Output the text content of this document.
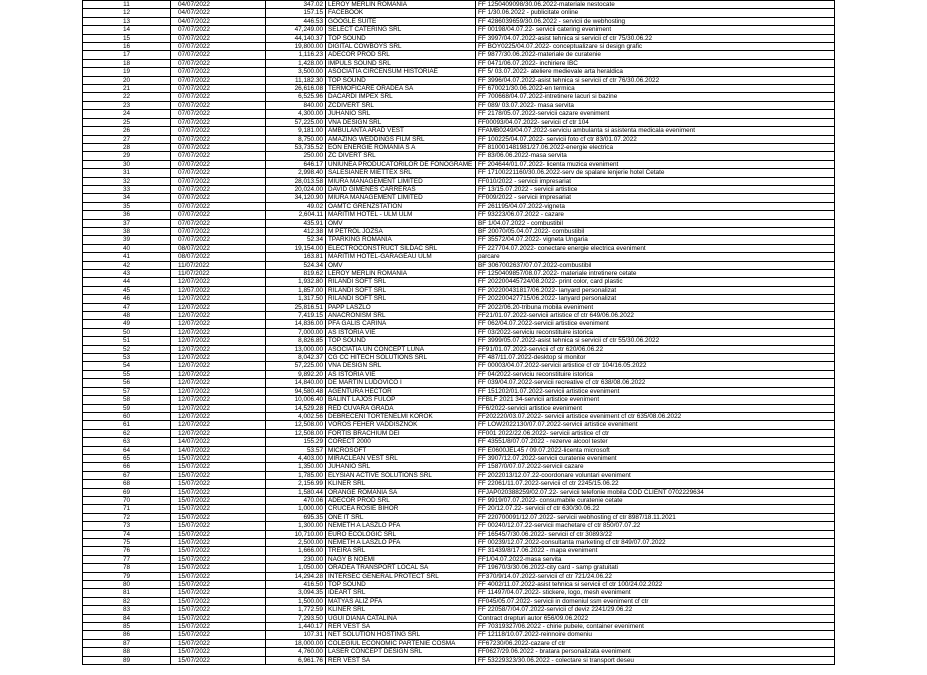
11	04/07/2022	347.02	LEROY MERLIN ROMANIA	FF 1250409098/30.06.2022-materiale nestocate
12	04/07/2022	157.15	FACEBOOK	FF 1/30.06.2022 - publicitate online
13	04/07/2022	446.53	GOOGLE SUITE	FF 4286039659/30.06.2022 - servicii de webhosting
14	07/07/2022	47,249.00	SELECT CATERING SRL	FF 00198/04.07.22- servicii catering eveniment
15	07/07/2022	44,140.37	TOP SOUND	FF 3997/04.07.2022-asist tehnica si servicii cf ctr 75/30.06.22
16	07/07/2022	19,800.00	DIGITAL COWBOYS SRL	FF BOY0225/04.07.2022- conceptualizare si design grafic
17	07/07/2022	1,116.23	ADECOR PROD SRL	FF 9877/30.06.2022-materiale de curatenie
18	07/07/2022	1,428.00	IMPULS SOUND SRL	FF 0471/06.07.2022- inchiriere IBC
19	07/07/2022	3,500.00	ASOCIATIA CIRCENSUM HISTORIAE	FF 5/ 03.07.2022- ateliere medievale arta heraldica
20	07/07/2022	11,182.30	TOP SOUND	FF 3996/04.07.2022-asist tehnica si servicii cf ctr 76/30.06.2022
21	07/07/2022	26,616.08	TERMOFICARE ORADEA SA	FF 670021/30.06.2022-en termica
22	07/07/2022	6,525.96	DACARDI IMPEX SRL	FF 700668/04.07.2022-intretinere lacuri si bazine
23	07/07/2022	840.00	ZCDIVERT SRL	FF 089/ 03.07.2022- masa servita
24	07/07/2022	4,300.00	JUHANIO SRL	FF 2178/05.07.2022-servicii cazare eveniment
25	07/07/2022	57,225.00	VNA DESIGN SRL	FF00093/04.07.2022- servicii cf ctr 104
26	07/07/2022	9,181.00	AMBULANTA ARAD VEST	FFAMB0249/04.07.2022-serviciu ambulanta si asistenta medicala eveniment
27	07/07/2022	8,750.00	AMAZING WEDDINGS FILM SRL	FF 100225/04.07.2022- servicii foto cf ctr 83/01.07.2022
28	07/07/2022	53,735.52	EON ENERGIE ROMANIA S A	FF 810001481981/27.06.2022-energie electrica
29	07/07/2022	250.00	ZC DIVERT SRL	FF 83/06.06.2022-masa servita
30	07/07/2022	646.17	UNIUNEA PRODUCATORILOR DE FONOGRAME	FF 204644/01.07.2022- licenta muzica eveniment
31	07/07/2022	2,998.40	SALESIANER MIETTEX SRL	FF 17100221160/30.06.2022-serv de spalare lenjerie hotel Cetate
32	07/07/2022	28,013.58	MIURA MANAGEMENT LIMITED	FF010/2022 - servicii impresariat
33	07/07/2022	20,024.00	DAVID GIMENES CARRERAS	FF 13/15.07.2022 - servicii artistice
34	07/07/2022	34,120.90	MIURA MANAGEMENT LIMITED	FF009/2022 - servicii impresariat
35	07/07/2022	49.02	OAMTC GRENZSTATION	FF 261195/04.07.2022-vigneta
36	07/07/2022	2,604.11	MARITIM HOTEL - ULM ULM	FF 93223/06.07.2022 - cazare
37	07/07/2022	435.91	OMV	BF 1/04.07.2022 - combustibil
38	07/07/2022	412.38	M PETROL JOZSA	BF 20070/05.04.07.2022- combustibil
39	07/07/2022	52.34	TPARKING ROMANIA	FF 35572/04.07.2022- vigneta Ungaria
40	08/07/2022	19,154.00	ELECTROCONSTRUCT SILDAC SRL	FF 227704.07.2022- conectare energie electrica eveniment
41	08/07/2022	163.81	MARITIM HOTEL-GARAGEAU ULM	parcare
42	11/07/2022	524.34	OMV	BF 3067002637/07.07.2022-combustibil
43	11/07/2022	819.62	LEROY MERLIN ROMANIA	FF 1250409857/08.07.2022- materiale intretinere cetate
44	12/07/2022	1,932.80	RILANDI SOFT SRL	FF 202200445724/08.2022- print color, card plastic
45	12/07/2022	1,857.00	RILANDI SOFT SRL	FF 202200431817/06.2022- lanyard personalizat
46	12/07/2022	1,317.50	RILANDI SOFT SRL	FF 202200427715/06.2022- lanyard personalizat
47	12/07/2022	25,816.51	PAPP LASZLO	FF 2022/06.20-tribuna mobila eveniment
48	12/07/2022	7,419.15	ANACRONISM SRL	FF21/01.07.2022-servicii artistice cf ctr 649/06.06.2022
49	12/07/2022	14,836.00	PFA GALIS CARINA	FF 062/04.07.2022-servicii artistice eveniment
50	12/07/2022	7,000.00	AS ISTORIA VIE	FF 03/2022-serviciu reconstituire istorica
51	12/07/2022	8,826.85	TOP SOUND	FF 3999/05.07.2022-asist tehnica si servicii cf ctr 55/30.06.2022
52	12/07/2022	13,000.00	ASOCIATIA UN CONCEPT LUNA	FF91/01.07.2022-servicii cf ctr 620/06.06.22
53	12/07/2022	8,042.37	CG CC HITECH SOLUTIONS SRL	FF 487/11.07.2022-desktop si monitor
54	12/07/2022	57,225.00	VNA DESIGN SRL	FF 00003/04.07.2022-servicii artistice cf ctr 104/16.05.2022
55	12/07/2022	9,892.20	AS ISTORIA VIE	FF 04/2022-serviciu reconstituire istorica
56	12/07/2022	14,840.00	DE MARTIN LUDOVICO I	FF 039/04.07.2022-servicii recreative cf ctr 638/08.06.2022
57	12/07/2022	94,580.48	AGENTURA HECTOR	FF 151202/01.07.2022-servicii artistice eveniment
58	12/07/2022	10,006.40	BALINT LAJOS FULOP	FFBLF 2021 34-servicii artistice eveniment
59	12/07/2022	14,529.28	RED CUVARA GRADA	FF6/2022-servicii artistice eveniment
60	12/07/2022	4,002.56	DEBRECENI TORTENELMI KOROK	FF202220/03.07.2022- servicii artistice eveniment cf ctr 635/08.06.2022
61	12/07/2022	12,508.00	VOROS FEHER VADDISZNOK	FF LOW2022130/07.07.2022-servicii artistice eveniment
62	12/07/2022	12,508.00	FORTIS BRACHIUM DEI	FF001 2022/22.06.2022- servicii artistice cf ctr
63	14/07/2022	155.29	CORECT 2000	FF 43551/8/07.07.2022 - rezerve alcool tester
64	14/07/2022	53.57	MICROSOFT	FF E0600JEL45 / 09.07.2022-licenta microsoft
65	15/07/2022	4,403.00	MIRACLEAN VEST SRL	FF 3907/12.07.2022-servicii curatenie eveniment
66	15/07/2022	1,350.00	JUHANIO SRL	FF 1587/0/07.07.2022-servicii cazare
67	15/07/2022	1,785.00	ELYSIAN ACTIVE SOLUTIONS SRL	FF 2022013/12.07.22-coordonare voluntari eveniment
68	15/07/2022	2,156.99	KLINER SRL	FF 22061/11.07.2022-servicii cf ctr 2245/15.06.22
69	15/07/2022	1,580.44	ORANGE ROMANIA SA	FFJAP020388259/02.07.22- servicii telefonie mobila COD CLIENT 0702229634
70	15/07/2022	470.06	ADECOR PROD SRL	FF 9919/07.07.2022- consumabile curatenie cetate
71	15/07/2022	1,000.00	CRUCEA ROSIE BIHOR	FF 20/12.07.22- servicii cf ctr 630/30.06.22
72	15/07/2022	695.35	ONE IT SRL	FF 220700091/12.07.2022- servicii webhosting cf ctr 8987/18.11.2021
73	15/07/2022	1,300.00	NEMETH A LASZLO PFA	FF 00240/12.07.22-servicii machetare cf ctr 850/07.07.22
74	15/07/2022	10,710.00	EURO ECOLOGIC SRL	FF 16545/7/30.06.2022- servicii cf ctr 30893/22
75	15/07/2022	2,500.00	NEMETH A LASZLO PFA	FF 00239/12.07.2022-consultanta marketing cf ctr 849/07.07.2022
76	15/07/2022	1,666.00	TREIRA SRL	FF 31439/8/17.06.2022 - mapa eveniment
77	15/07/2022	230.00	NAGY B NOEMI	FF1/04.07.2022-masa servita
78	15/07/2022	1,050.00	ORADEA TRANSPORT LOCAL SA	FF 19670/3/30.06.2022-city card - samp gratuitati
79	15/07/2022	14,294.28	INTERSEC GENERAL PROTECT SRL	FF370/9/14.07.2022-servicii cf ctr 721/24.06.22
80	15/07/2022	416.50	TOP SOUND	FF 4002/11.07.2022-asist tehnica si servicii cf ctr 100/24.02.2022
81	15/07/2022	3,094.35	IDEART SRL	FF 11497/04.07.2022- stickere, logo, mesh eveniment
82	15/07/2022	1,500.00	MATYAS ALIZ PFA	FF045/05.07.2022- servicii in domeniul ssm eveniment cf ctr
83	15/07/2022	1,772.59	KLINER SRL	FF 22058/7/04.07.2022-servicii cf deviz 2241/29.06.22
84	15/07/2022	7,293.50	UGUI DIANA CATALINA	Contract drepturi autor 656/09.06.2022
85	15/07/2022	1,440.17	RER VEST SA	FF 70319327/06.2022 - chirie pubele, container eveniment
86	15/07/2022	107.31	NET SOLUTION HOSTING SRL	FF 12118/10.07.2022-reinnoire domeniu
87	15/07/2022	18,000.00	COLEGIUL ECONOMIC PARTENIE COSMA	FF67230/06.2022-cazare cf ctr
88	15/07/2022	4,760.00	LASER CONCEPT DESIGN SRL	FF0627/29.06.2022 - bratara personalizata eveniment
89	15/07/2022	6,961.76	RER VEST SA	FF 53229323/30.06.2022 - colectare si transport deseu
